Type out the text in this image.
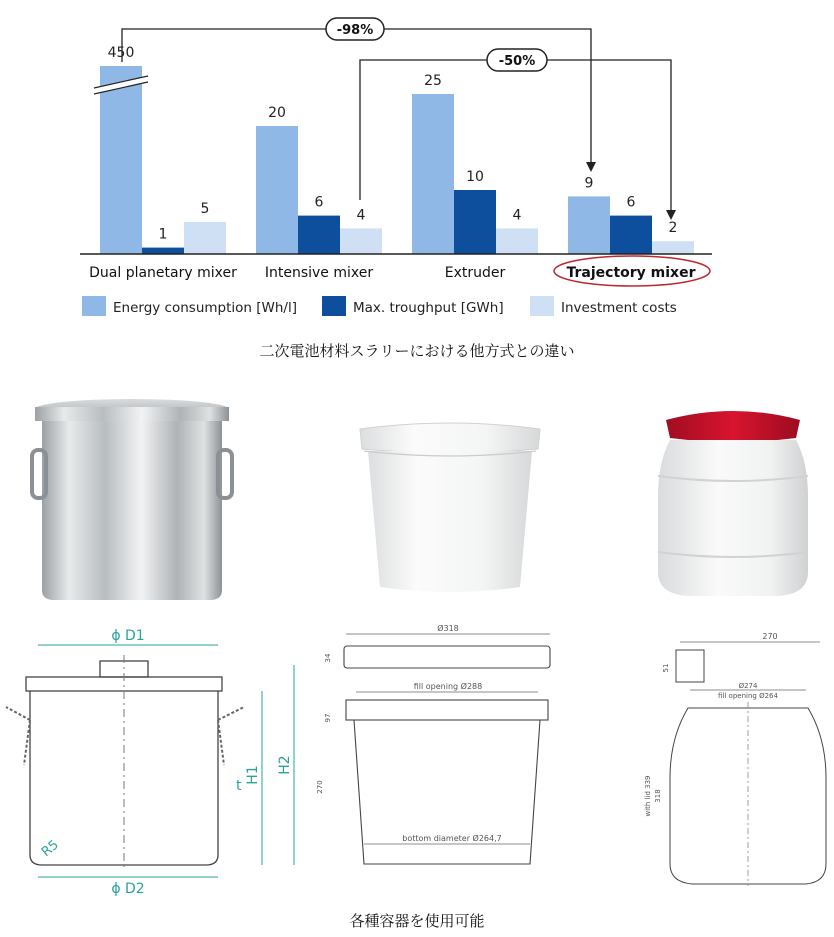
450
1
5
20
6
4
25
10
4
9
6
2
Dual planetary mixer Intensive mixer	Extruder	Trajectory mixer
-98%
-50%
Energy consumption [Wh/l]	Max. troughput [GWh]	Investment costs
二次電池材料スラリーにおける他方式との違い
ϕ D1
H1
H2
t
R5
ϕ D2
Ø318
34
fill opening Ø288
97
270
bottom diameter Ø264,7
270
51
Ø274
fill opening Ø264
with lid 339 318
各種容器を使用可能
